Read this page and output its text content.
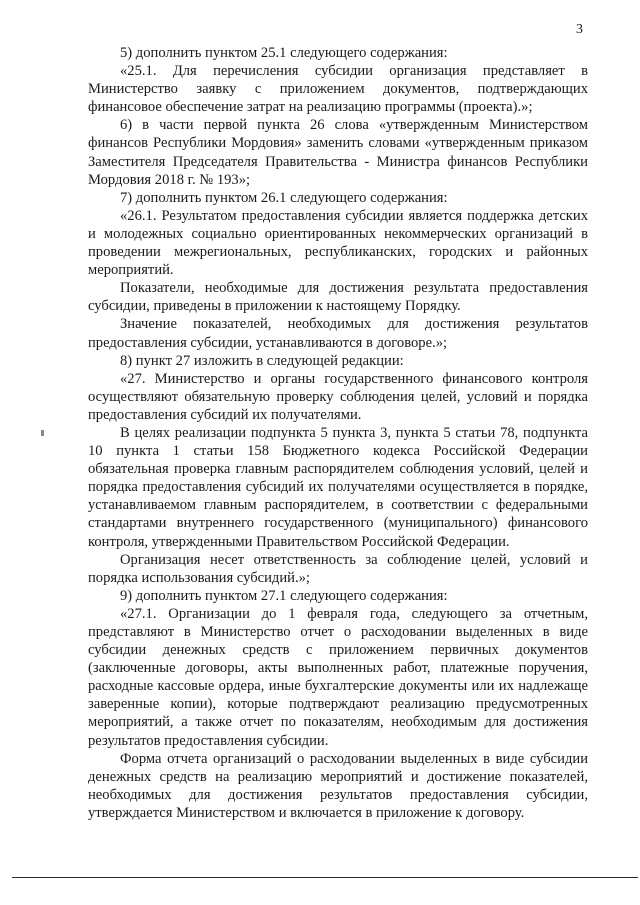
3

5) дополнить пунктом 25.1 следующего содержания:

«25.1. Для перечисления субсидии организация представляет в Министерство заявку с приложением документов, подтверждающих финансовое обеспечение затрат на реализацию программы (проекта).»;

6) в части первой пункта 26 слова «утвержденным Министерством финансов Республики Мордовия» заменить словами «утвержденным приказом Заместителя Председателя Правительства - Министра финансов Республики Мордовия 2018 г. № 193»;

7) дополнить пунктом 26.1 следующего содержания:

«26.1. Результатом предоставления субсидии является поддержка детских и молодежных социально ориентированных некоммерческих организаций в проведении межрегиональных, республиканских, городских и районных мероприятий.

Показатели, необходимые для достижения результата предоставления субсидии, приведены в приложении к настоящему Порядку.

Значение показателей, необходимых для достижения результатов предоставления субсидии, устанавливаются в договоре.»;

8) пункт 27 изложить в следующей редакции:

«27. Министерство и органы государственного финансового контроля осуществляют обязательную проверку соблюдения целей, условий и порядка предоставления субсидий их получателями.

В целях реализации подпункта 5 пункта 3, пункта 5 статьи 78, подпункта 10 пункта 1 статьи 158 Бюджетного кодекса Российской Федерации обязательная проверка главным распорядителем соблюдения условий, целей и порядка предоставления субсидий их получателями осуществляется в порядке, устанавливаемом главным распорядителем, в соответствии с федеральными стандартами внутреннего государственного (муниципального) финансового контроля, утвержденными Правительством Российской Федерации.

Организация несет ответственность за соблюдение целей, условий и порядка использования субсидий.»;

9) дополнить пунктом 27.1 следующего содержания:

«27.1. Организации до 1 февраля года, следующего за отчетным, представляют в Министерство отчет о расходовании выделенных в виде субсидии денежных средств с приложением первичных документов (заключенные договоры, акты выполненных работ, платежные поручения, расходные кассовые ордера, иные бухгалтерские документы или их надлежаще заверенные копии), которые подтверждают реализацию предусмотренных мероприятий, а также отчет по показателям, необходимым для достижения результатов предоставления субсидии.

Форма отчета организаций о расходовании выделенных в виде субсидии денежных средств на реализацию мероприятий и достижение показателей, необходимых для достижения результатов предоставления субсидии, утверждается Министерством и включается в приложение к договору.
